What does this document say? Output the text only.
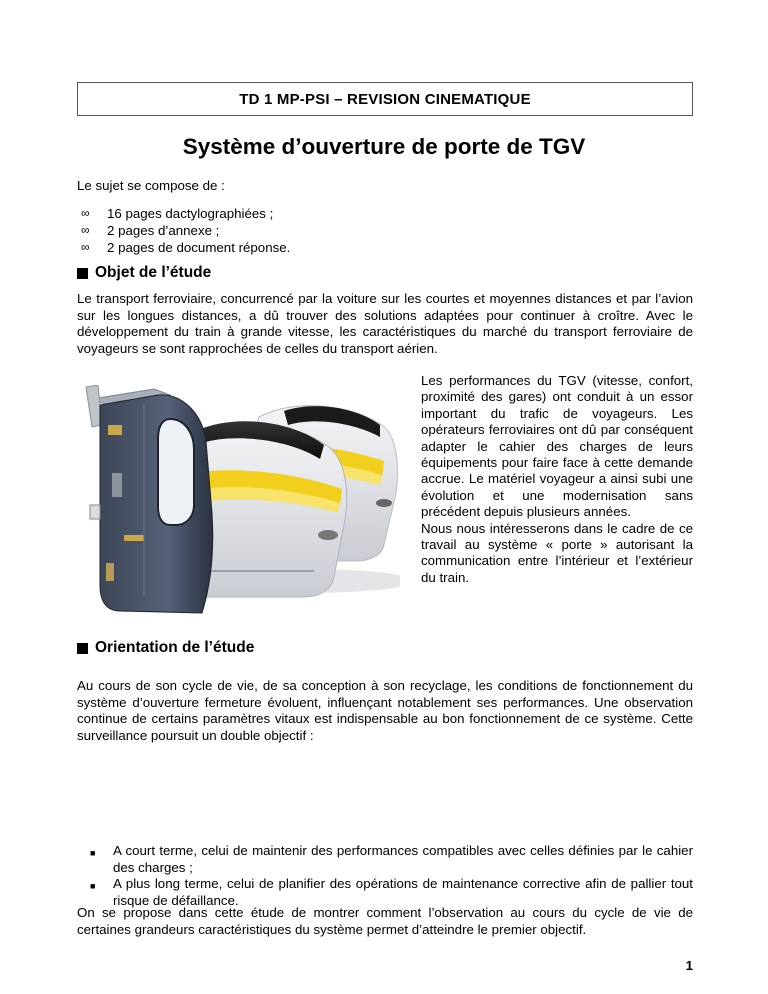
TD 1 MP-PSI – REVISION CINEMATIQUE
Système d’ouverture de porte de TGV
Le sujet se compose de :
∞	16 pages dactylographiées ;
∞	2 pages d’annexe ;
∞	2 pages de document réponse.
Objet de l’étude

Le transport ferroviaire, concurrencé par la voiture sur les courtes et moyennes distances et par l’avion sur les longues distances, a dû trouver des solutions adaptées pour continuer à croître. Avec le développement du train à grande vitesse, les caractéristiques du marché du transport ferroviaire de voyageurs se sont rapprochées de celles du transport aérien.

Les performances du TGV (vitesse, confort, proximité des gares) ont conduit à un essor important du trafic de voyageurs. Les opérateurs ferroviaires ont dû par conséquent adapter le cahier des charges de leurs équipements pour faire face à cette demande accrue. Le matériel voyageur a ainsi subi une évolution et une modernisation sans précédent depuis plusieurs années.

Nous nous intéresserons dans le cadre de ce travail au système « porte » autorisant la communication entre l’intérieur et l’extérieur du train.

Orientation de l’étude

Au cours de son cycle de vie, de sa conception à son recyclage, les conditions de fonctionnement du système d’ouverture fermeture évoluent, influençant notablement ses performances. Une observation continue de certains paramètres vitaux est indispensable au bon fonctionnement de ce système. Cette surveillance poursuit un double objectif :

■	A court terme, celui de maintenir des performances compatibles avec celles définies par le cahier des charges ;
■	A plus long terme, celui de planifier des opérations de maintenance corrective afin de pallier tout risque de défaillance.

On se propose dans cette étude de montrer comment l’observation au cours du cycle de vie de certaines grandeurs caractéristiques du système permet d’atteindre le premier objectif.

1
